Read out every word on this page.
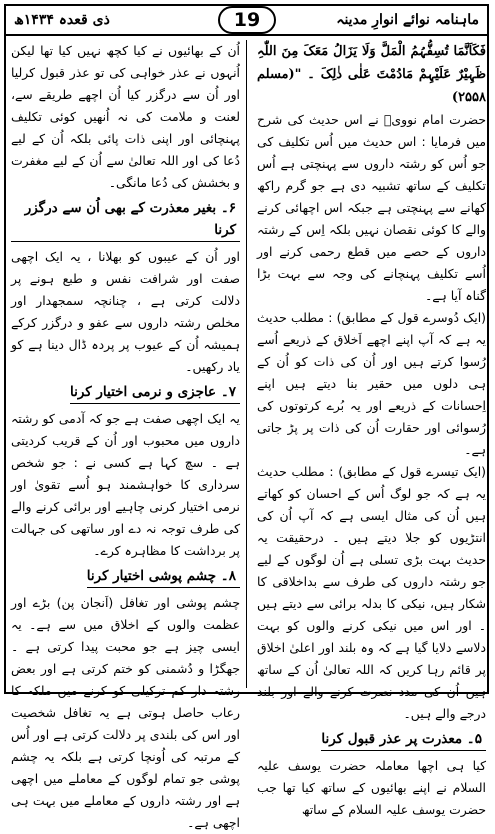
ماہنامہ نوائے انوارِ مدینہ
ذی قعدہ ۱۴۳۴ھ	19

فَکَاَنَّمَا تُسِفُّہُمُ الْمَلَّ وَلَا یَزَالُ مَعَکَ مِنَ اللّٰہِ ظَہِیْرٌ عَلَیْہِمْ مَادُمْتَ عَلٰی ذٰلِکَ ۔ "(مسلم ۲۵۵۸)

حضرت امام نوویؒ نے اس حدیث کی شرح میں فرمایا : اس حدیث میں اُس تکلیف کی جو اُس کو رشتہ داروں سے پہنچتی ہے اُس تکلیف کے ساتھ تشبیہ دی ہے جو گرم راکھ کھانے سے پہنچتی ہے جبکہ اس اچھائی کرنے والے کا کوئی نقصان نہیں بلکہ اِس کے رشتہ داروں کے حصے میں قطع رحمی کرنے اور اُسے تکلیف پہنچانے کی وجہ سے بہت بڑا گناہ آیا ہے۔

(ایک دُوسرے قول کے مطابق) : مطلب حدیث یہ ہے کہ آپ اپنے اچھے اَخلاق کے ذریعے اُسے رُسوا کرتے ہیں اور اُن کی ذات کو اُن کے ہی دلوں میں حقیر بنا دیتے ہیں اپنے اِحسانات کے ذریعے اور یہ بُرے کرتوتوں کی رُسوائی اور حقارت اُن کی ذات پر پڑ جاتی ہے۔

(ایک تیسرے قول کے مطابق) : مطلب حدیث یہ ہے کہ جو لوگ اُس کے احسان کو کھاتے ہیں اُن کی مثال ایسی ہے کہ آپ اُن کی انتڑیوں کو جلا دیتے ہیں ۔ درحقیقت یہ حدیث بہت بڑی تسلی ہے اُن لوگوں کے لیے جو رشتہ داروں کی طرف سے بداخلاقی کا شکار ہیں، نیکی کا بدلہ برائی سے دیتے ہیں ۔ اور اس میں نیکی کرنے والوں کو بہت دلاسے دلایا گیا ہے کہ وہ بلند اور اعلیٰ اخلاق پر قائم رہا کریں کہ اللہ تعالیٰ اُن کے ساتھ ہیں اُن کی مدد نصرت کرنے والے اور بلند درجے والے ہیں۔

۵۔ معذرت پر عذر قبول کرنا

کیا ہی اچھا معاملہ حضرت یوسف علیہ السلام نے اپنے بھائیوں کے ساتھ کیا تھا جب حضرت یوسف علیہ السلام کے ساتھ

اُن کے بھائیوں نے کیا کچھ نہیں کیا تھا لیکن اُنہوں نے عذر خواہی کی تو عذر قبول کرلیا اور اُن سے درگزر کیا اُن اچھے طریقے سے، لعنت و ملامت کی نہ اُنھیں کوئی تکلیف پہنچائی اور اپنی ذات پائی بلکہ اُن کے لیے دُعا کی اور اللہ تعالیٰ سے اُن کے لیے مغفرت و بخشش کی دُعا مانگی۔

۶۔ بغیر معذرت کے بھی اُن سے درگزر کرنا

اور اُن کے عیبوں کو بھلانا ، یہ ایک اچھی صفت اور شرافت نفس و طبع ہونے پر دلالت کرتی ہے ، چنانچہ سمجھدار اور مخلص رشتہ داروں سے عفو و درگزر کرکے ہمیشہ اُن کے عیوب پر پردہ ڈال دینا ہے کو یاد رکھیں۔

۷۔ عاجزی و نرمی اختیار کرنا

یہ ایک اچھی صفت ہے جو کہ آدمی کو رشتہ داروں میں محبوب اور اُن کے قریب کردیتی ہے ۔ سچ کہا ہے کسی نے : جو شخص سرداری کا خواہشمند ہو اُسے تقویٰ اور نرمی اختیار کرنی چاہیے اور برائی کرنے والے کی طرف توجہ نہ دے اور ساتھی کی جہالت پر برداشت کا مظاہرہ کرے۔

۸۔ چشم پوشی اختیار کرنا

چشم پوشی اور تغافل (اَنجان پن) بڑے اور عظمت والوں کے اخلاق میں سے ہے۔ یہ ایسی چیز ہے جو محبت پیدا کرتی ہے ۔ جھگڑا و دُشمنی کو ختم کرتی ہے اور بعض رشتہ دار کم ترکیلی کو کرنے میں ملکہ کا رعاب حاصل ہوتی ہے یہ تغافل شخصیت اور اس کی بلندی پر دلالت کرتی ہے اور اُس کے مرتبہ کی اُونچا کرتی ہے بلکہ یہ چشم پوشی جو تمام لوگوں کے معاملے میں اچھی ہے اور رشتہ داروں کے معاملے میں بہت ہی اچھی ہے۔
